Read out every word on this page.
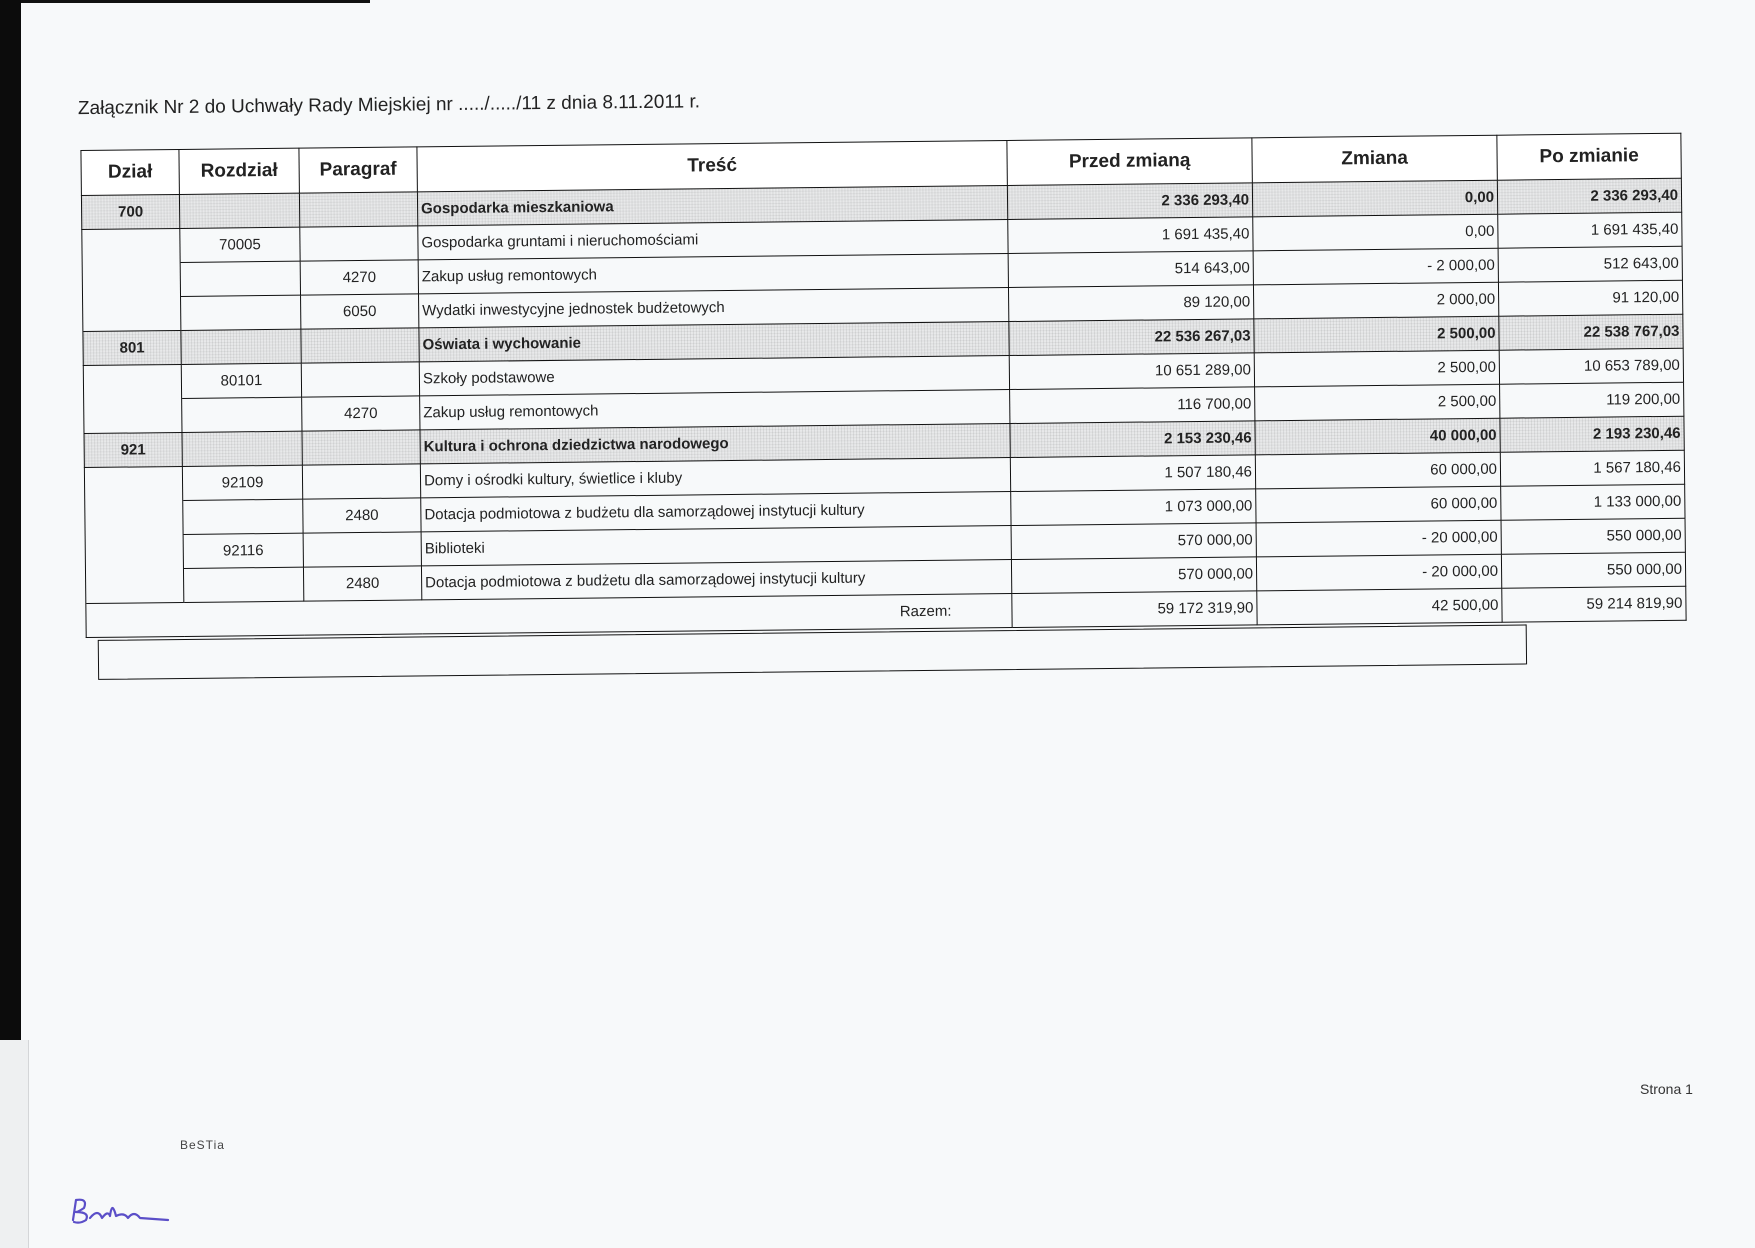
Załącznik Nr 2 do Uchwały Rady Miejskiej nr ...../...../11 z dnia 8.11.2011 r.
Dział	Rozdział	Paragraf	Treść	Przed zmianą	Zmiana	Po zmianie
700			Gospodarka mieszkaniowa	2 336 293,40	0,00	2 336 293,40
	70005		Gospodarka gruntami i nieruchomościami	1 691 435,40	0,00	1 691 435,40
		4270	Zakup usług remontowych	514 643,00	- 2 000,00	512 643,00
		6050	Wydatki inwestycyjne jednostek budżetowych	89 120,00	2 000,00	91 120,00
801			Oświata i wychowanie	22 536 267,03	2 500,00	22 538 767,03
	80101		Szkoły podstawowe	10 651 289,00	2 500,00	10 653 789,00
		4270	Zakup usług remontowych	116 700,00	2 500,00	119 200,00
921			Kultura i ochrona dziedzictwa narodowego	2 153 230,46	40 000,00	2 193 230,46
	92109		Domy i ośrodki kultury, świetlice i kluby	1 507 180,46	60 000,00	1 567 180,46
		2480	Dotacja podmiotowa z budżetu dla samorządowej instytucji kultury	1 073 000,00	60 000,00	1 133 000,00
	92116		Biblioteki	570 000,00	- 20 000,00	550 000,00
		2480	Dotacja podmiotowa z budżetu dla samorządowej instytucji kultury	570 000,00	- 20 000,00	550 000,00
Razem:				59 172 319,90	42 500,00	59 214 819,90
Strona 1
BeSTia
